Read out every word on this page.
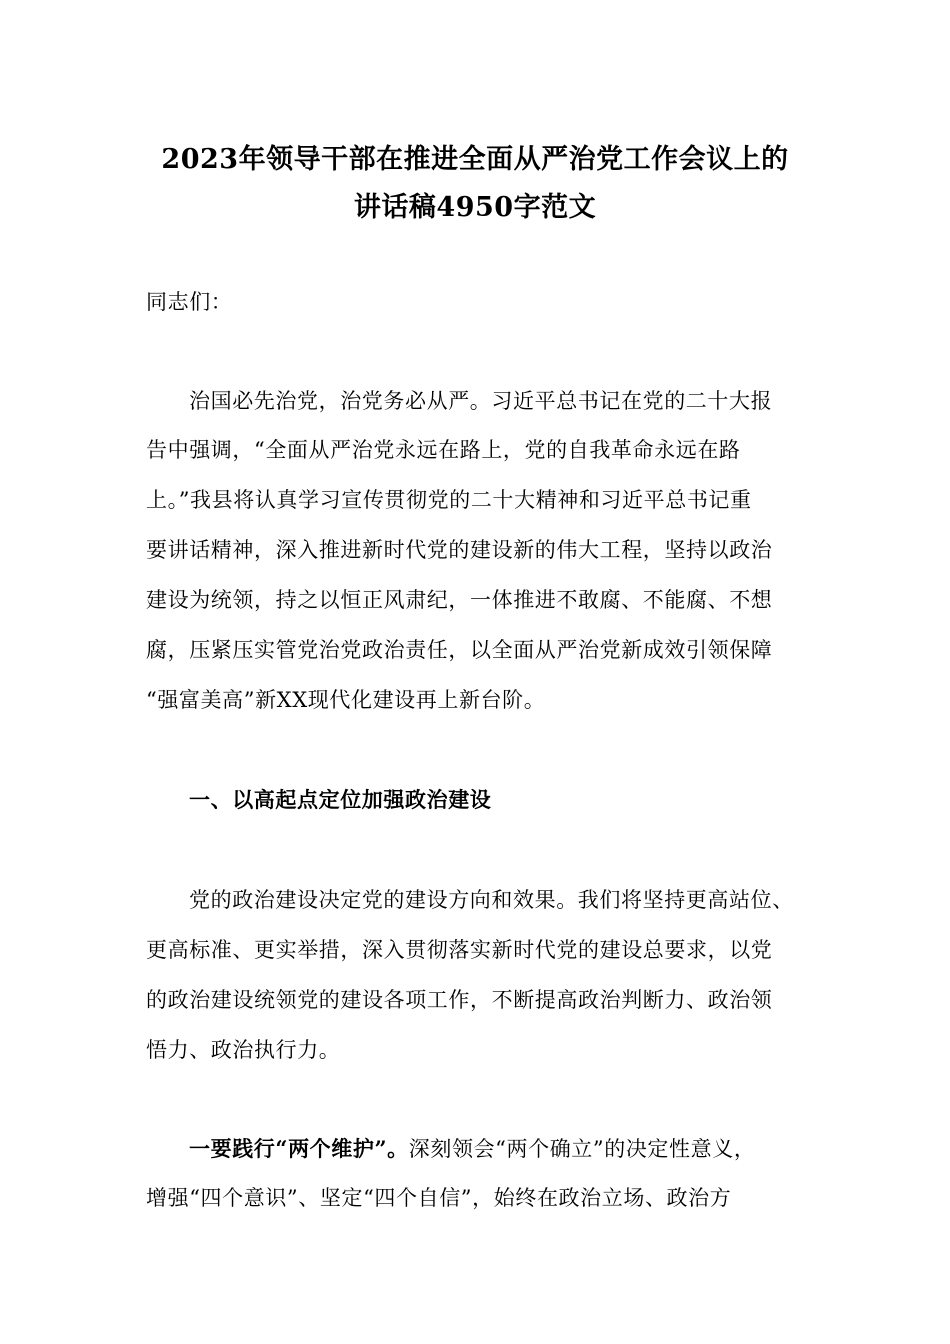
2023年领导干部在推进全面从严治党工作会议上的
讲话稿4950字范文
同志们：
治国必先治党，治党务必从严。习近平总书记在党的二十大报
告中强调，“全面从严治党永远在路上，党的自我革命永远在路
上。”我县将认真学习宣传贯彻党的二十大精神和习近平总书记重
要讲话精神，深入推进新时代党的建设新的伟大工程，坚持以政治
建设为统领，持之以恒正风肃纪，一体推进不敢腐、不能腐、不想
腐，压紧压实管党治党政治责任，以全面从严治党新成效引领保障
“强富美高”新XX现代化建设再上新台阶。
一、以高起点定位加强政治建设
党的政治建设决定党的建设方向和效果。我们将坚持更高站位、
更高标准、更实举措，深入贯彻落实新时代党的建设总要求，以党
的政治建设统领党的建设各项工作，不断提高政治判断力、政治领
悟力、政治执行力。
一要践行“两个维护”。深刻领会“两个确立”的决定性意义，
增强“四个意识”、坚定“四个自信”，始终在政治立场、政治方
